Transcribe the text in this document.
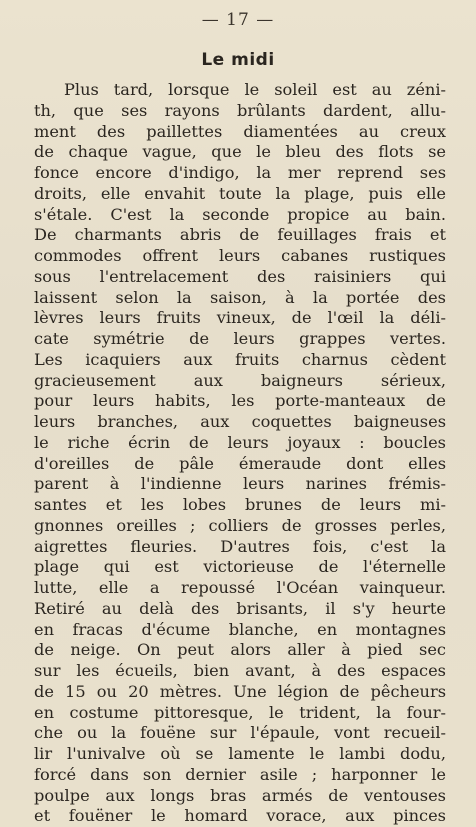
— 17 —
Le midi
Plus tard, lorsque le soleil est au zéni-
th, que ses rayons brûlants dardent, allu-
ment des paillettes diamentées au creux
de chaque vague, que le bleu des flots se
fonce encore d'indigo, la mer reprend ses
droits, elle envahit toute la plage, puis elle
s'étale. C'est la seconde propice au bain.
De charmants abris de feuillages frais et
commodes offrent leurs cabanes rustiques
sous l'entrelacement des raisiniers qui
laissent selon la saison, à la portée des
lèvres leurs fruits vineux, de l'œil la déli-
cate symétrie de leurs grappes vertes.
Les icaquiers aux fruits charnus cèdent
gracieusement aux baigneurs sérieux,
pour leurs habits, les porte-manteaux de
leurs branches, aux coquettes baigneuses
le riche écrin de leurs joyaux : boucles
d'oreilles de pâle émeraude dont elles
parent à l'indienne leurs narines frémis-
santes et les lobes brunes de leurs mi-
gnonnes oreilles ; colliers de grosses perles,
aigrettes fleuries. D'autres fois, c'est la
plage qui est victorieuse de l'éternelle
lutte, elle a repoussé l'Océan vainqueur.
Retiré au delà des brisants, il s'y heurte
en fracas d'écume blanche, en montagnes
de neige. On peut alors aller à pied sec
sur les écueils, bien avant, à des espaces
de 15 ou 20 mètres. Une légion de pêcheurs
en costume pittoresque, le trident, la four-
che ou la fouëne sur l'épaule, vont recueil-
lir l'univalve où se lamente le lambi dodu,
forcé dans son dernier asile ; harponner le
poulpe aux longs bras armés de ventouses
et fouëner le homard vorace, aux pinces
